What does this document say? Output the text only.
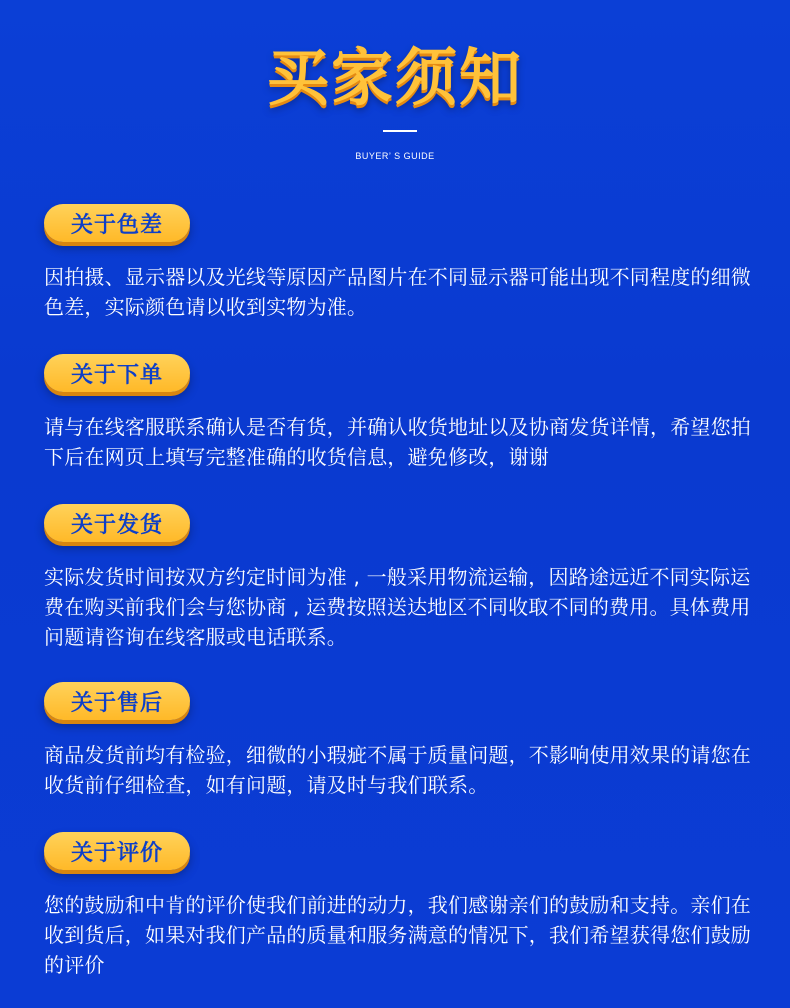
买家须知
BUYER’ S GUIDE
关于色差

因拍摄、显示器以及光线等原因产品图片在不同显示器可能出现不同程度的细微色差，实际颜色请以收到实物为准。

关于下单

请与在线客服联系确认是否有货，并确认收货地址以及协商发货详情，希望您拍下后在网页上填写完整准确的收货信息，避免修改，谢谢

关于发货

实际发货时间按双方约定时间为准 , 一般采用物流运输，因路途远近不同实际运费在购买前我们会与您协商 , 运费按照送达地区不同收取不同的费用。具体费用问题请咨询在线客服或电话联系。

关于售后

商品发货前均有检验，细微的小瑕疵不属于质量问题，不影响使用效果的请您在收货前仔细检查，如有问题，请及时与我们联系。

关于评价

您的鼓励和中肯的评价使我们前进的动力，我们感谢亲们的鼓励和支持。亲们在收到货后，如果对我们产品的质量和服务满意的情况下，我们希望获得您们鼓励的评价
